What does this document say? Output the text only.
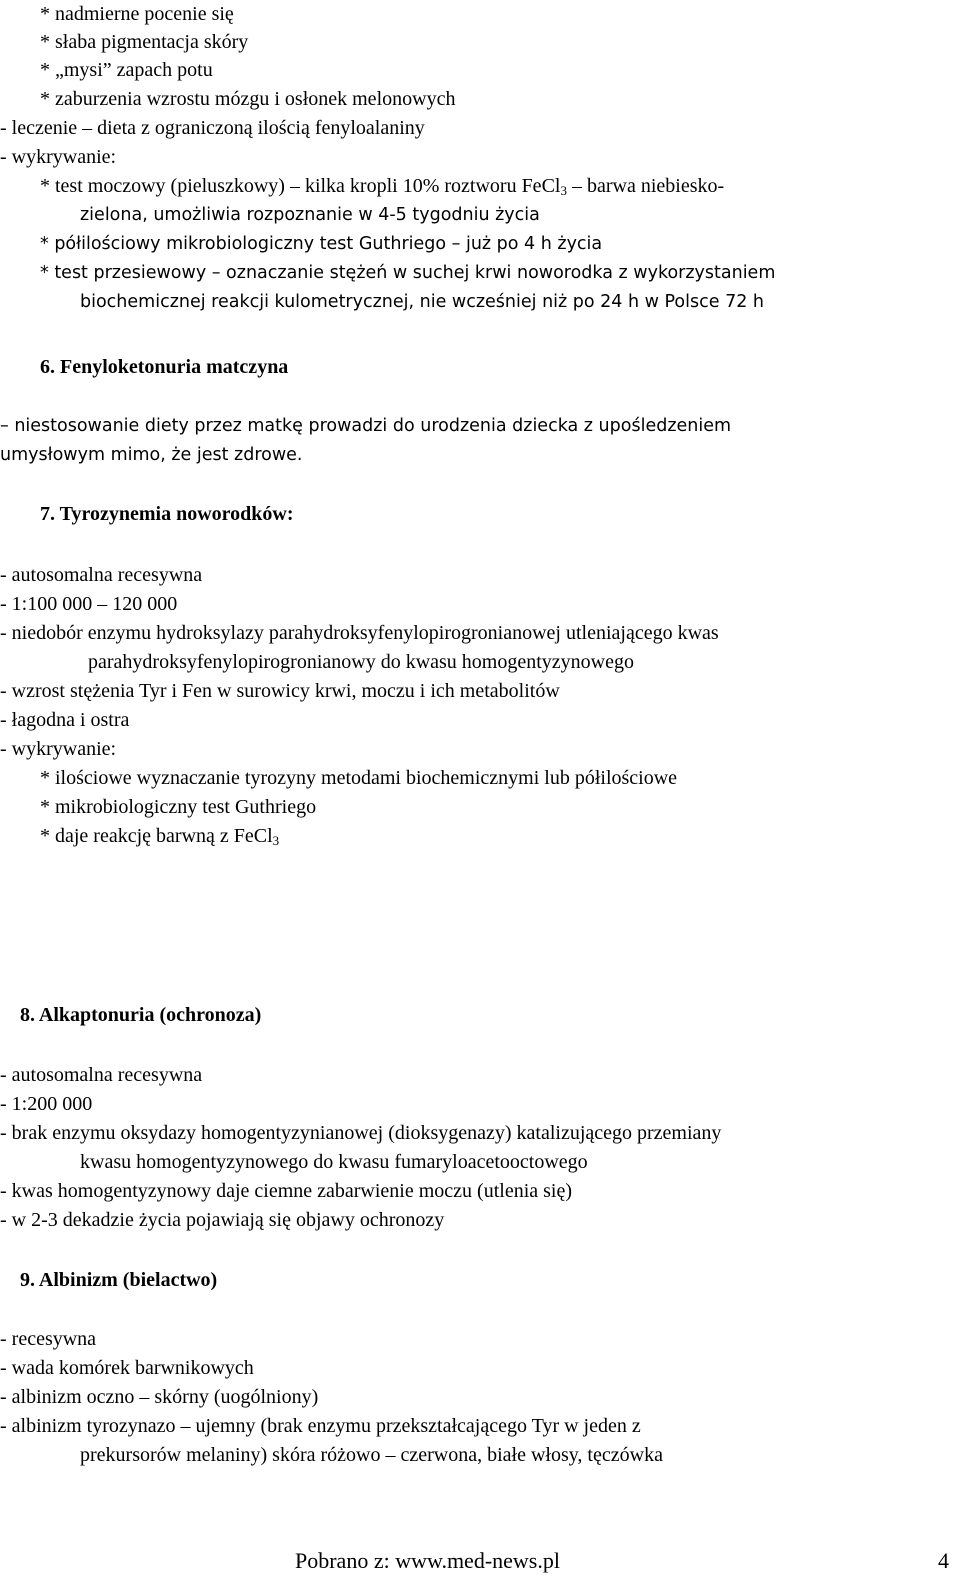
* nadmierne pocenie się
* słaba pigmentacja skóry
* „mysi” zapach potu
* zaburzenia wzrostu mózgu i osłonek melonowych
- leczenie – dieta z ograniczoną ilością fenyloalaniny
- wykrywanie:
* test moczowy (pieluszkowy) – kilka kropli 10% roztworu FeCl$_3$ – barwa niebiesko-
zielona, umożliwia rozpoznanie w 4-5 tygodniu życia
* półilościowy mikrobiologiczny test Guthriego – już po 4 h życia
* test przesiewowy – oznaczanie stężeń w suchej krwi noworodka z wykorzystaniem
biochemicznej reakcji kulometrycznej, nie wcześniej niż po 24 h w Polsce 72 h
6. Fenyloketonuria matczyna
– niestosowanie diety przez matkę prowadzi do urodzenia dziecka z upośledzeniem
umysłowym mimo, że jest zdrowe.
7. Tyrozynemia noworodków:
- autosomalna recesywna
- 1:100 000 – 120 000
- niedobór enzymu hydroksylazy parahydroksyfenylopirogronianowej utleniającego kwas
parahydroksyfenylopirogronianowy do kwasu homogentyzynowego
- wzrost stężenia Tyr i Fen w surowicy krwi, moczu i ich metabolitów
- łagodna i ostra
- wykrywanie:
* ilościowe wyznaczanie tyrozyny metodami biochemicznymi lub półilościowe
* mikrobiologiczny test Guthriego
* daje reakcję barwną z FeCl$_3$
8. Alkaptonuria (ochronoza)
- autosomalna recesywna
- 1:200 000
- brak enzymu oksydazy homogentyzynianowej (dioksygenazy) katalizującego przemiany
kwasu homogentyzynowego do kwasu fumaryloacetooctowego
- kwas homogentyzynowy daje ciemne zabarwienie moczu (utlenia się)
- w 2-3 dekadzie życia pojawiają się objawy ochronozy
9. Albinizm (bielactwo)
- recesywna
- wada komórek barwnikowych
- albinizm oczno – skórny (uogólniony)
- albinizm tyrozynazo – ujemny (brak enzymu przekształcającego Tyr w jeden z
prekursorów melaniny) skóra różowo – czerwona, białe włosy, tęczówka
Pobrano z: www.med-news.pl	4
